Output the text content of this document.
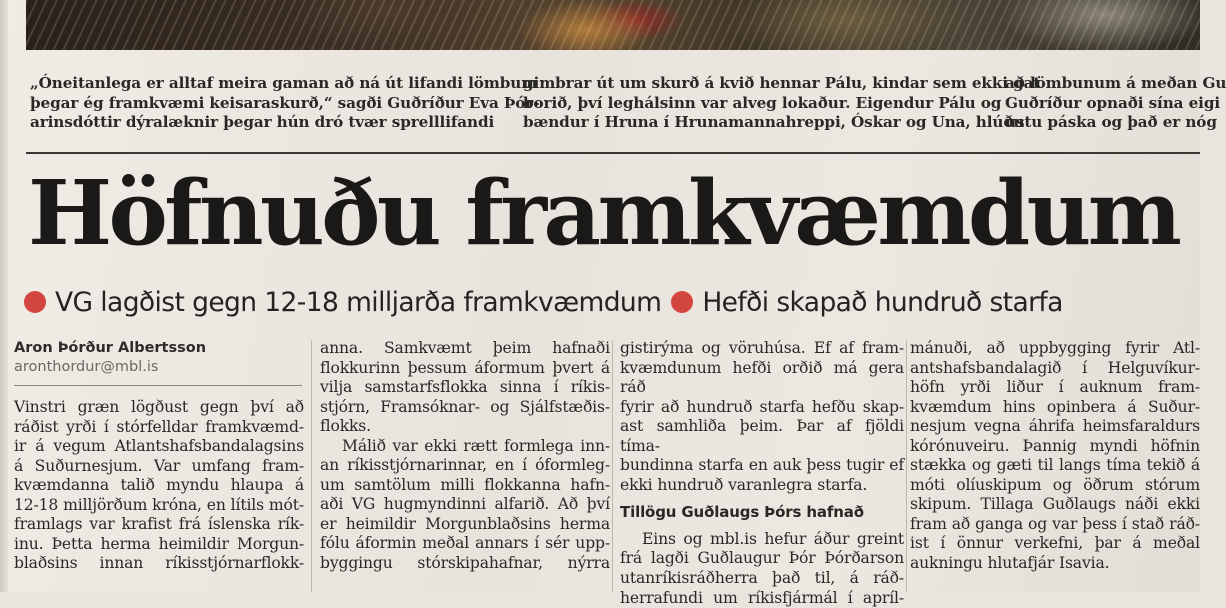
„Óneitanlega er alltaf meira gaman að ná út lifandi lömbum

þegar ég framkvæmi keisaraskurð,“ sagði Guðríður Eva Þór-

arinsdóttir dýralæknir þegar hún dró tvær sprelllifandi

gimbrar út um skurð á kvið hennar Pálu, kindar sem ekki gat

borið, því leghálsinn var alveg lokaður. Eigendur Pálu og

bændur í Hruna í Hrunamannahreppi, Óskar og Una, hlúðu

að lömbunum á meðan Gu

Guðríður opnaði sína eigi

ustu páska og það er nóg

Höfnuðu framkvæmdum
VG lagðist gegn 12-18 milljarða framkvæmdum Hefði skapað hundruð starfa
Aron Þórður Albertsson
aronthordur@mbl.is

Vinstri græn lögðust gegn því að

ráðist yrði í stórfelldar framkvæmd-

ir á vegum Atlantshafsbandalagsins

á Suðurnesjum. Var umfang fram-

kvæmdanna talið myndu hlaupa á

12-18 milljörðum króna, en lítils mót-

framlags var krafist frá íslenska rík-

inu. Þetta herma heimildir Morgun-

blaðsins innan ríkisstjórnarflokk-

anna. Samkvæmt þeim hafnaði

flokkurinn þessum áformum þvert á

vilja samstarfsflokka sinna í ríkis-

stjórn, Framsóknar- og Sjálfstæðis-

flokks.

Málið var ekki rætt formlega inn-

an ríkisstjórnarinnar, en í óformleg-

um samtölum milli flokkanna hafn-

aði VG hugmyndinni alfarið. Að því

er heimildir Morgunblaðsins herma

fólu áformin meðal annars í sér upp-

byggingu stórskipahafnar, nýrra

gistirýma og vöruhúsa. Ef af fram-

kvæmdunum hefði orðið má gera ráð

fyrir að hundruð starfa hefðu skap-

ast samhliða þeim. Þar af fjöldi tíma-

bundinna starfa en auk þess tugir ef

ekki hundruð varanlegra starfa.

Tillögu Guðlaugs Þórs hafnað

Eins og mbl.is hefur áður greint

frá lagði Guðlaugur Þór Þórðarson

utanríkisráðherra það til, á ráð-

herrafundi um ríkisfjármál í apríl-

mánuði, að uppbygging fyrir Atl-

antshafsbandalagið í Helguvíkur-

höfn yrði liður í auknum fram-

kvæmdum hins opinbera á Suður-

nesjum vegna áhrifa heimsfaraldurs

kórónuveiru. Þannig myndi höfnin

stækka og gæti til langs tíma tekið á

móti olíuskipum og öðrum stórum

skipum. Tillaga Guðlaugs náði ekki

fram að ganga og var þess í stað ráð-

ist í önnur verkefni, þar á meðal

aukningu hlutafjár Isavia.
